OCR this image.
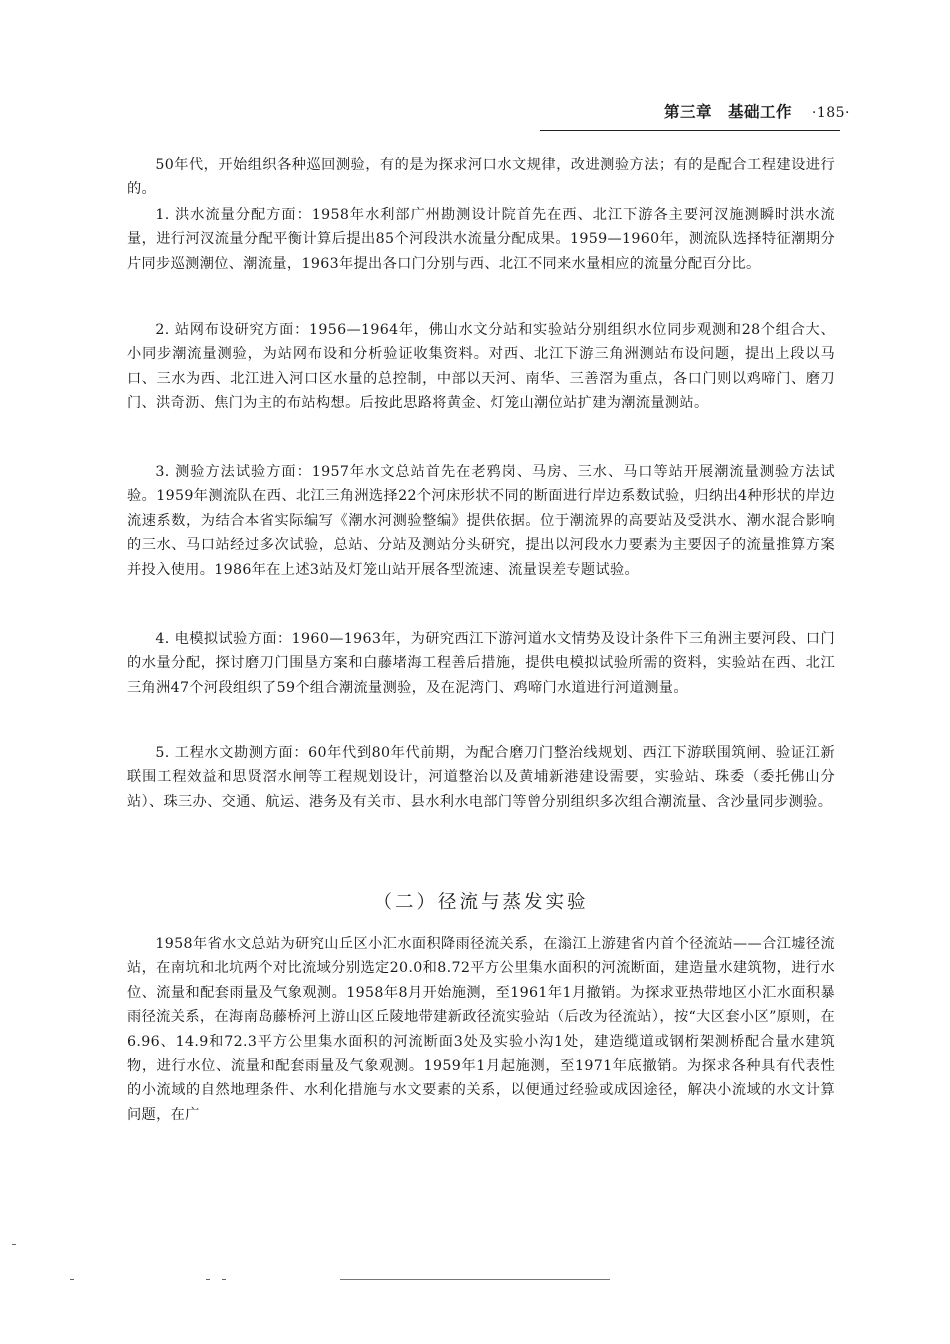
第三章 基础工作 ·185·

50年代，开始组织各种巡回测验，有的是为探求河口水文规律，改进测验方法；有的是配合工程建设进行的。

1. 洪水流量分配方面：1958年水利部广州勘测设计院首先在西、北江下游各主要河汊施测瞬时洪水流量，进行河汊流量分配平衡计算后提出85个河段洪水流量分配成果。1959—1960年，测流队选择特征潮期分片同步巡测潮位、潮流量，1963年提出各口门分别与西、北江不同来水量相应的流量分配百分比。

2. 站网布设研究方面：1956—1964年，佛山水文分站和实验站分别组织水位同步观测和28个组合大、小同步潮流量测验，为站网布设和分析验证收集资料。对西、北江下游三角洲测站布设问题，提出上段以马口、三水为西、北江进入河口区水量的总控制，中部以天河、南华、三善滘为重点，各口门则以鸡啼门、磨刀门、洪奇沥、焦门为主的布站构想。后按此思路将黄金、灯笼山潮位站扩建为潮流量测站。

3. 测验方法试验方面：1957年水文总站首先在老鸦岗、马房、三水、马口等站开展潮流量测验方法试验。1959年测流队在西、北江三角洲选择22个河床形状不同的断面进行岸边系数试验，归纳出4种形状的岸边流速系数，为结合本省实际编写《潮水河测验整编》提供依据。位于潮流界的高要站及受洪水、潮水混合影响的三水、马口站经过多次试验，总站、分站及测站分头研究，提出以河段水力要素为主要因子的流量推算方案并投入使用。1986年在上述3站及灯笼山站开展各型流速、流量误差专题试验。

4. 电模拟试验方面：1960—1963年，为研究西江下游河道水文情势及设计条件下三角洲主要河段、口门的水量分配，探讨磨刀门围垦方案和白藤堵海工程善后措施，提供电模拟试验所需的资料，实验站在西、北江三角洲47个河段组织了59个组合潮流量测验，及在泥湾门、鸡啼门水道进行河道测量。

5. 工程水文勘测方面：60年代到80年代前期，为配合磨刀门整治线规划、西江下游联围筑闸、验证江新联围工程效益和思贤滘水闸等工程规划设计，河道整治以及黄埔新港建设需要，实验站、珠委（委托佛山分站）、珠三办、交通、航运、港务及有关市、县水利水电部门等曾分别组织多次组合潮流量、含沙量同步测验。

（二）径流与蒸发实验

1958年省水文总站为研究山丘区小汇水面积降雨径流关系，在滃江上游建省内首个径流站——合江墟径流站，在南坑和北坑两个对比流域分别选定20.0和8.72平方公里集水面积的河流断面，建造量水建筑物，进行水位、流量和配套雨量及气象观测。1958年8月开始施测，至1961年1月撤销。为探求亚热带地区小汇水面积暴雨径流关系，在海南岛藤桥河上游山区丘陵地带建新政径流实验站（后改为径流站），按“大区套小区”原则，在6.96、14.9和72.3平方公里集水面积的河流断面3处及实验小沟1处，建造缆道或钢桁架测桥配合量水建筑物，进行水位、流量和配套雨量及气象观测。1959年1月起施测，至1971年底撤销。为探求各种具有代表性的小流域的自然地理条件、水利化措施与水文要素的关系，以便通过经验或成因途径，解决小流域的水文计算问题，在广
